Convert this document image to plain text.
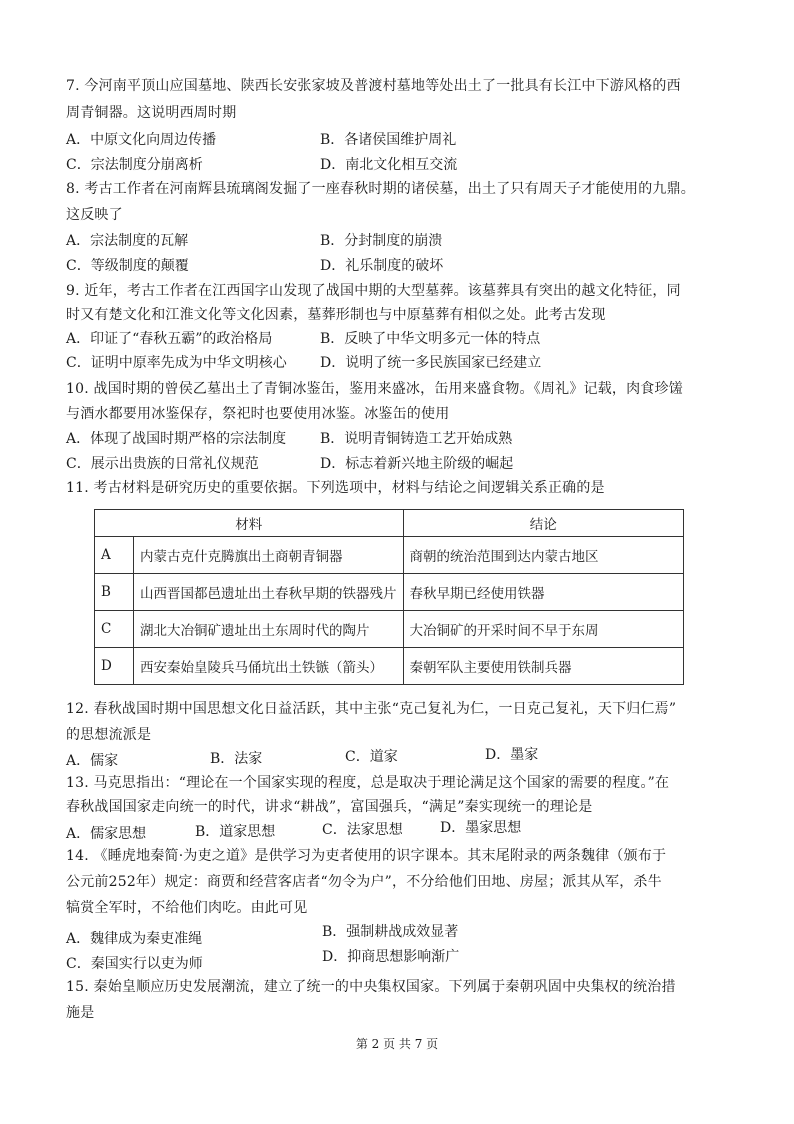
7. 今河南平顶山应国墓地、陕西长安张家坡及普渡村墓地等处出土了一批具有长江中下游风格的西
周青铜器。这说明西周时期
A．中原文化向周边传播	B．各诸侯国维护周礼
C．宗法制度分崩离析	D．南北文化相互交流
8. 考古工作者在河南辉县琉璃阁发掘了一座春秋时期的诸侯墓，出土了只有周天子才能使用的九鼎。
这反映了
A．宗法制度的瓦解	B．分封制度的崩溃
C．等级制度的颠覆	D．礼乐制度的破坏
9. 近年，考古工作者在江西国字山发现了战国中期的大型墓葬。该墓葬具有突出的越文化特征，同
时又有楚文化和江淮文化等文化因素，墓葬形制也与中原墓葬有相似之处。此考古发现
A．印证了“春秋五霸”的政治格局	B．反映了中华文明多元一体的特点
C．证明中原率先成为中华文明核心 D．说明了统一多民族国家已经建立
10. 战国时期的曾侯乙墓出土了青铜冰鉴缶，鉴用来盛冰，缶用来盛食物。《周礼》记载，肉食珍馐
与酒水都要用冰鉴保存，祭祀时也要使用冰鉴。冰鉴缶的使用
A．体现了战国时期严格的宗法制度 B．说明青铜铸造工艺开始成熟
C．展示出贵族的日常礼仪规范	D．标志着新兴地主阶级的崛起
11. 考古材料是研究历史的重要依据。下列选项中，材料与结论之间逻辑关系正确的是
材料		结论
A	内蒙古克什克腾旗出土商朝青铜器	商朝的统治范围到达内蒙古地区
B	山西晋国都邑遗址出土春秋早期的铁器残片	春秋早期已经使用铁器
C	湖北大冶铜矿遗址出土东周时代的陶片	大冶铜矿的开采时间不早于东周
D	西安秦始皇陵兵马俑坑出土铁镞（箭头）	秦朝军队主要使用铁制兵器
12. 春秋战国时期中国思想文化日益活跃，其中主张“克己复礼为仁，一日克己复礼，天下归仁焉”
的思想流派是
A．儒家	B．法家	C．道家	D．墨家
13. 马克思指出：“理论在一个国家实现的程度，总是取决于理论满足这个国家的需要的程度。”在
春秋战国国家走向统一的时代，讲求“耕战”，富国强兵，“满足”秦实现统一的理论是
A．儒家思想	B．道家思想	C．法家思想	D．墨家思想
14. 《睡虎地秦简·为吏之道》是供学习为吏者使用的识字课本。其末尾附录的两条魏律（颁布于
公元前252年）规定：商贾和经营客店者“勿令为户”，不分给他们田地、房屋；派其从军，杀牛
犒赏全军时，不给他们肉吃。由此可见
A．魏律成为秦吏准绳	B．强制耕战成效显著
C．秦国实行以吏为师	D．抑商思想影响渐广
15. 秦始皇顺应历史发展潮流，建立了统一的中央集权国家。下列属于秦朝巩固中央集权的统治措
施是
第 2 页 共 7 页
